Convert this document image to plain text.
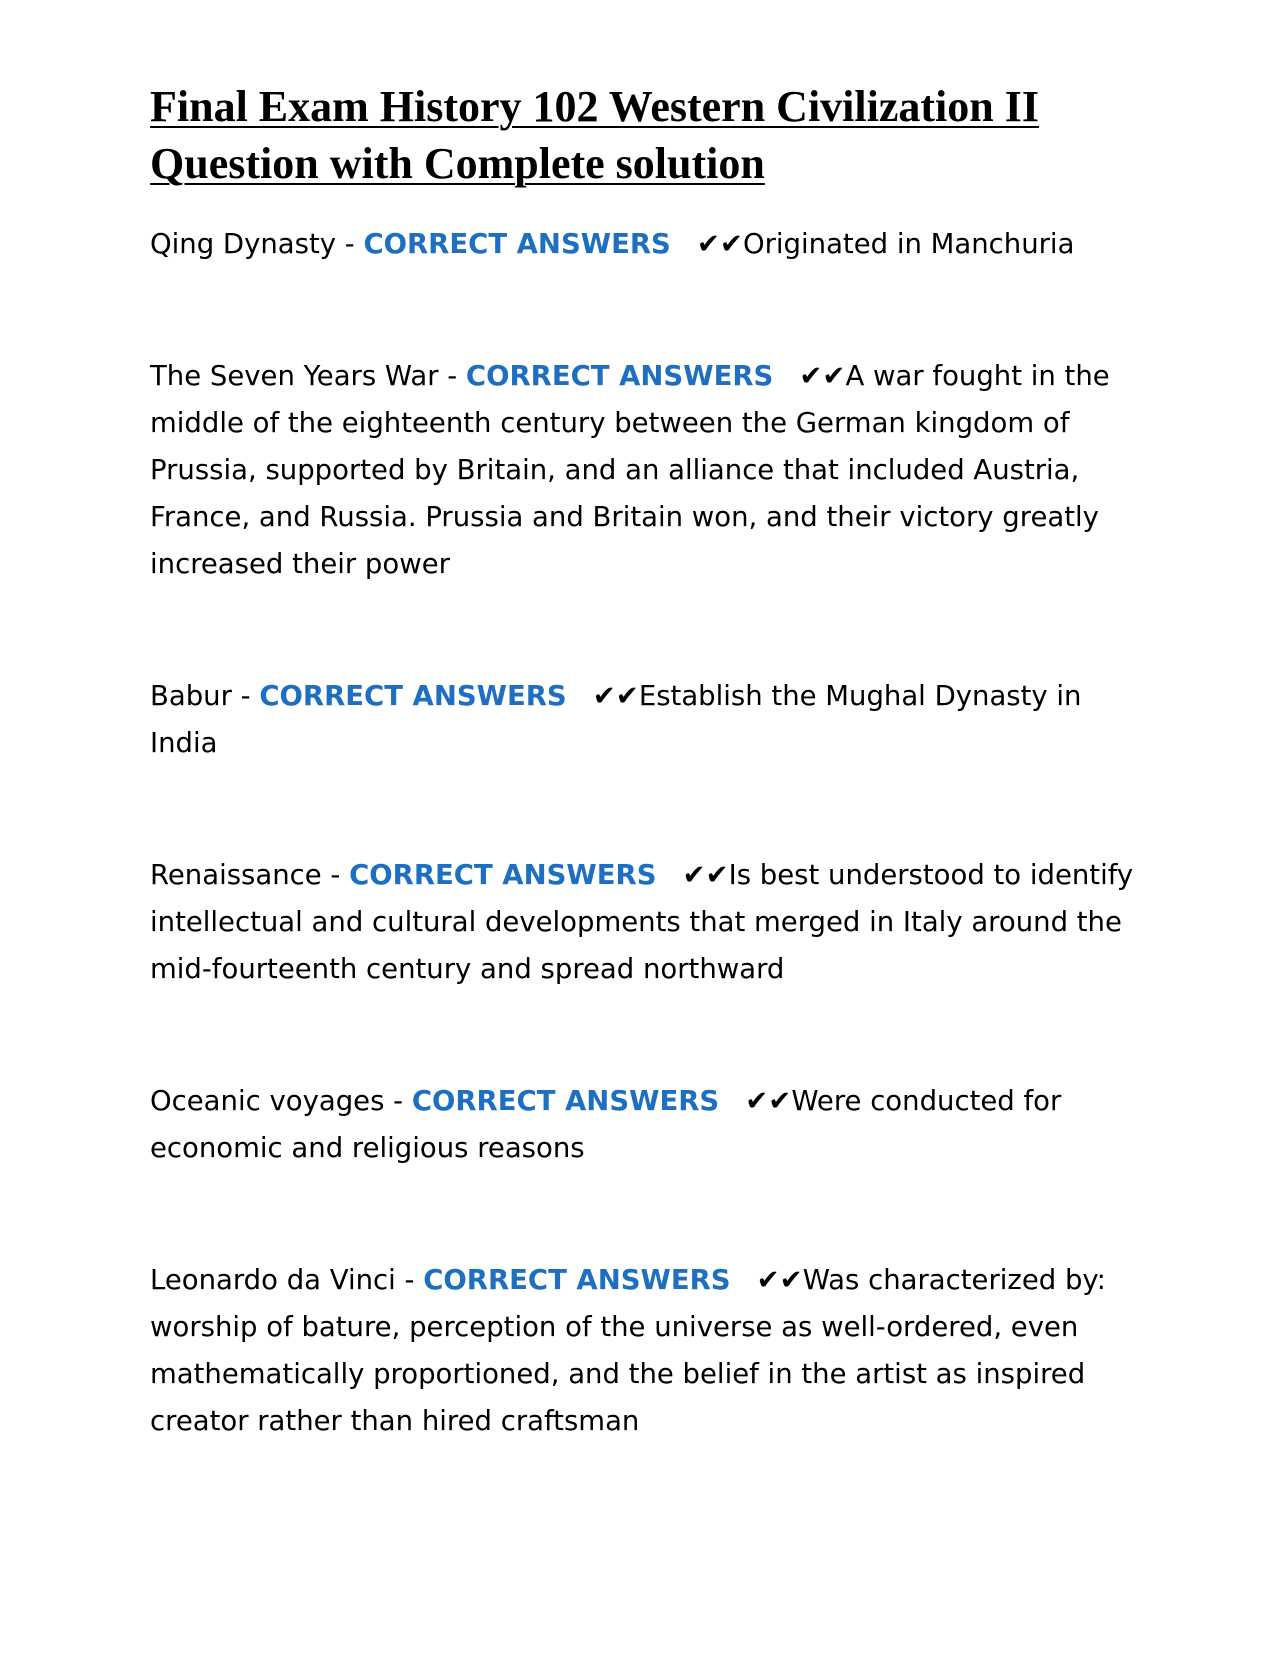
Final Exam History 102 Western Civilization II Question with Complete solution

Qing Dynasty - CORRECT ANSWERS ✔✔Originated in Manchuria

The Seven Years War - CORRECT ANSWERS ✔✔A war fought in the middle of the eighteenth century between the German kingdom of Prussia, supported by Britain, and an alliance that included Austria, France, and Russia. Prussia and Britain won, and their victory greatly increased their power

Babur - CORRECT ANSWERS ✔✔Establish the Mughal Dynasty in India

Renaissance - CORRECT ANSWERS ✔✔Is best understood to identify intellectual and cultural developments that merged in Italy around the mid-fourteenth century and spread northward

Oceanic voyages - CORRECT ANSWERS ✔✔Were conducted for economic and religious reasons

Leonardo da Vinci - CORRECT ANSWERS ✔✔Was characterized by: worship of bature, perception of the universe as well-ordered, even mathematically proportioned, and the belief in the artist as inspired creator rather than hired craftsman
